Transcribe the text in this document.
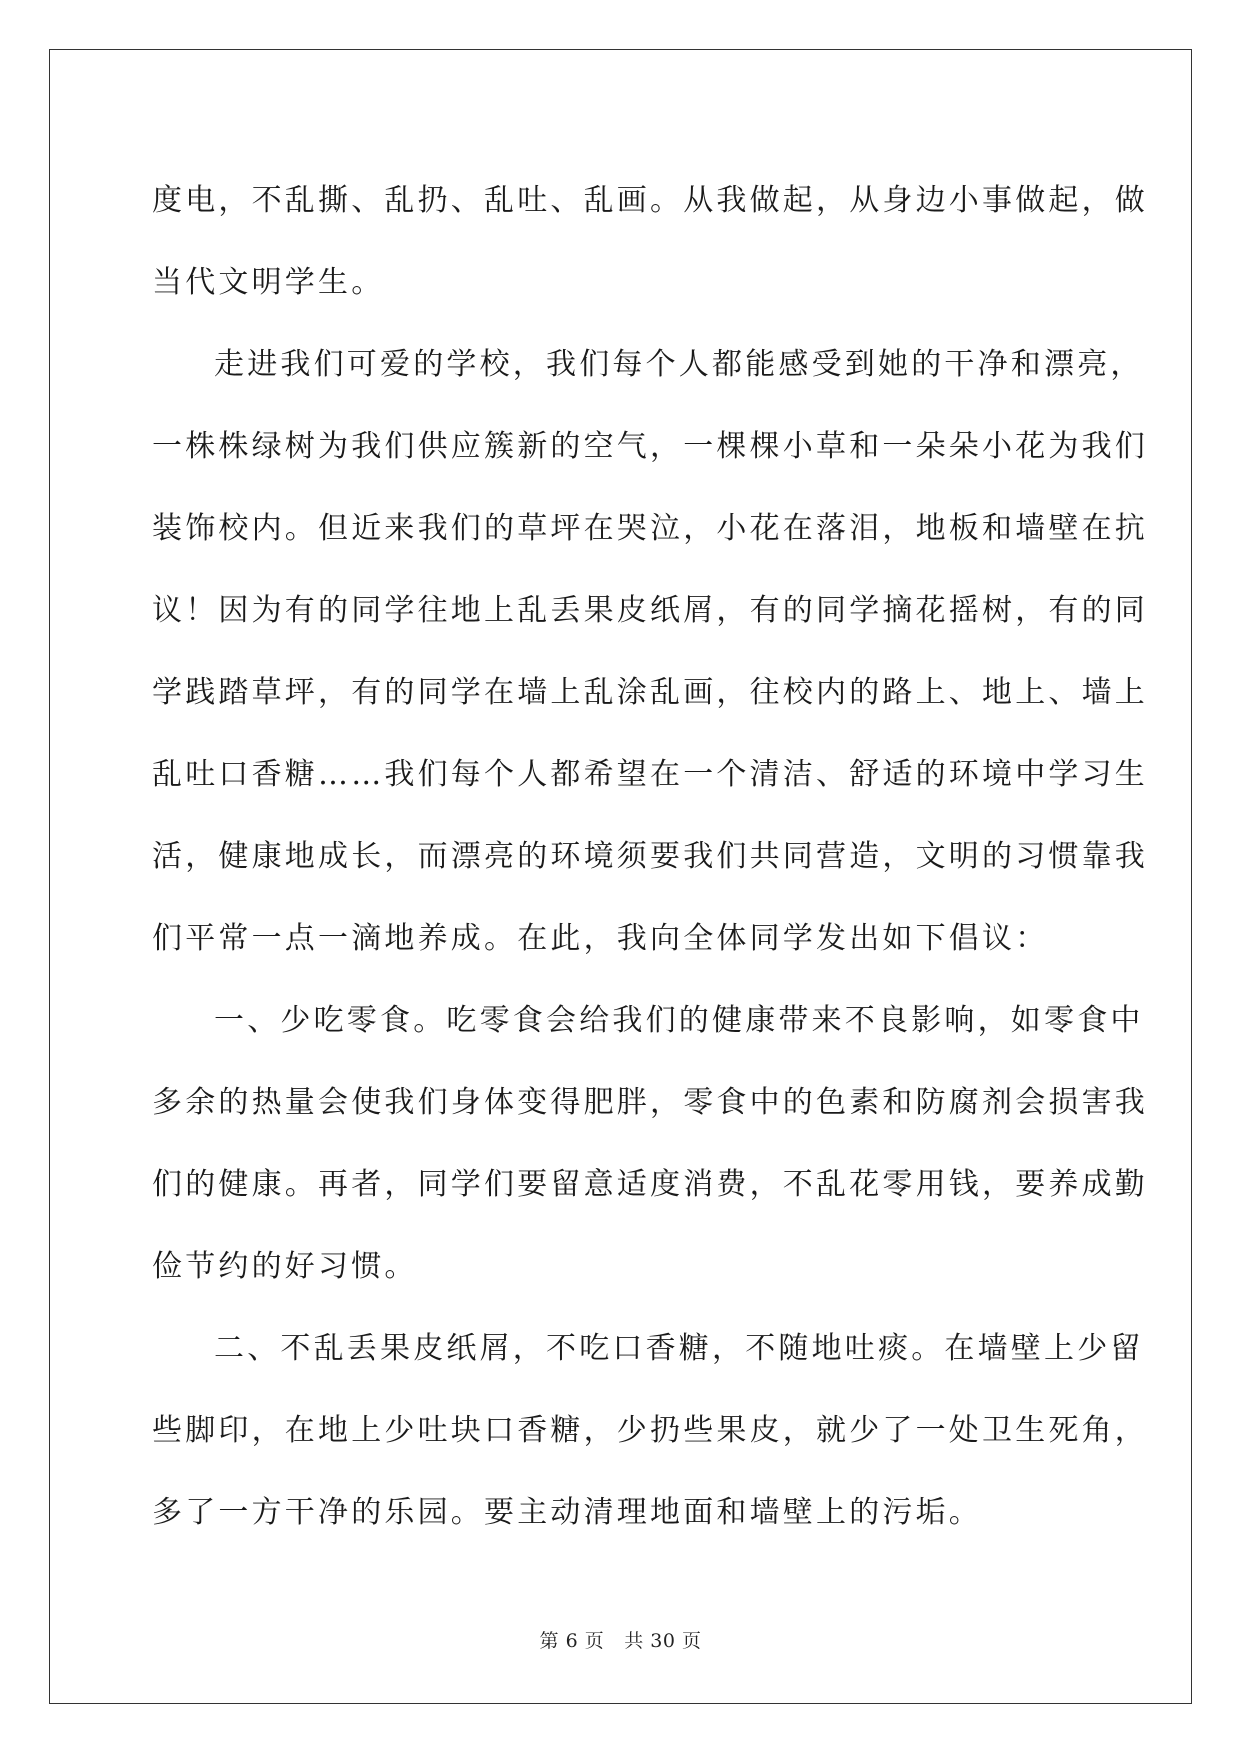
度电，不乱撕、乱扔、乱吐、乱画。从我做起，从身边小事做起，做
当代文明学生。
走进我们可爱的学校，我们每个人都能感受到她的干净和漂亮，
一株株绿树为我们供应簇新的空气，一棵棵小草和一朵朵小花为我们
装饰校内。但近来我们的草坪在哭泣，小花在落泪，地板和墙壁在抗
议！因为有的同学往地上乱丢果皮纸屑，有的同学摘花摇树，有的同
学践踏草坪，有的同学在墙上乱涂乱画，往校内的路上、地上、墙上
乱吐口香糖……我们每个人都希望在一个清洁、舒适的环境中学习生
活，健康地成长，而漂亮的环境须要我们共同营造，文明的习惯靠我
们平常一点一滴地养成。在此，我向全体同学发出如下倡议：
一、少吃零食。吃零食会给我们的健康带来不良影响，如零食中
多余的热量会使我们身体变得肥胖，零食中的色素和防腐剂会损害我
们的健康。再者，同学们要留意适度消费，不乱花零用钱，要养成勤
俭节约的好习惯。
二、不乱丢果皮纸屑，不吃口香糖，不随地吐痰。在墙壁上少留
些脚印，在地上少吐块口香糖，少扔些果皮，就少了一处卫生死角，
多了一方干净的乐园。要主动清理地面和墙壁上的污垢。
第 6 页 共 30 页
